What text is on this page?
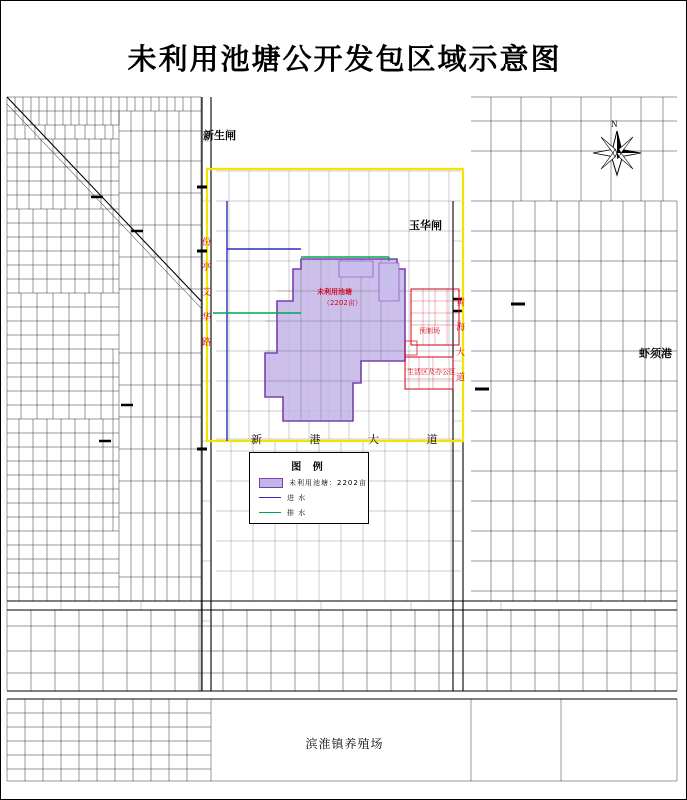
未利用池塘公开发包区域示意图
N
新生闸
玉华闸
虾须港
新 港 大 道
份 亭 艾 华 路	黄 海 大 道
未利用池塘
（2202亩）
预制场
生活区及办公区
图 例
未利用池塘：2202亩
进 水
排 水
滨淮镇养殖场
